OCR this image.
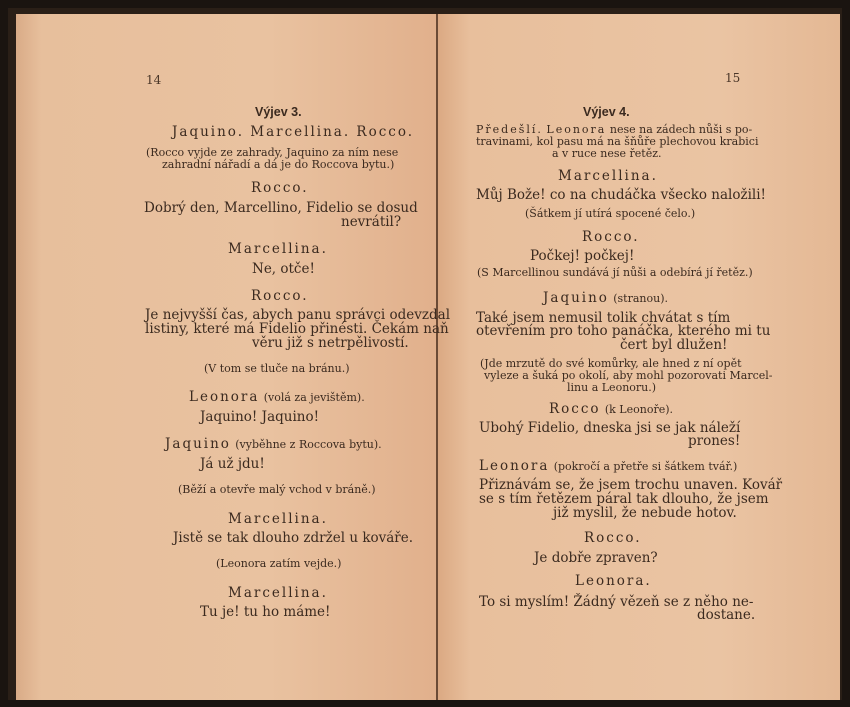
14
Výjev 3.
Jaquino. Marcellina. Rocco.
(Rocco vyjde ze zahrady, Jaquino za ním nese
zahradní nářadí a dá je do Roccova bytu.)
Rocco.
Dobrý den, Marcellino, Fidelio se dosud
nevrátil?
Marcellina.
Ne, otče!
Rocco.
Je nejvyšší čas, abych panu správci odevzdal
listiny, které má Fidelio přinésti. Čekám naň
věru již s netrpělivostí.
(V tom se tluče na bránu.)
Leonora (volá za jevištěm).
Jaquino! Jaquino!
Jaquino (vyběhne z Roccova bytu).
Já už jdu!
(Běží a otevře malý vchod v bráně.)
Marcellina.
Jistě se tak dlouho zdržel u kováře.
(Leonora zatím vejde.)
Marcellina.
Tu je! tu ho máme!
15
Výjev 4.
Předešlí. Leonora nese na zádech nůši s po-
travinami, kol pasu má na šňůře plechovou krabici
a v ruce nese řetěz.
Marcellina.
Můj Bože! co na chudáčka všecko naložili!
(Šátkem jí utírá spocené čelo.)
Rocco.
Počkej! počkej!
(S Marcellinou sundává jí nůši a odebírá jí řetěz.)
Jaquino (stranou).
Také jsem nemusil tolik chvátat s tím
otevřením pro toho panáčka, kterého mi tu
čert byl dlužen!
(Jde mrzutě do své komůrky, ale hned z ní opět
vyleze a šuká po okolí, aby mohl pozorovati Marcel-
linu a Leonoru.)
Rocco (k Leonoře).
Ubohý Fidelio, dneska jsi se jak náleží
prones!
Leonora (pokročí a přetře si šátkem tvář.)
Přiznávám se, že jsem trochu unaven. Kovář
se s tím řetězem páral tak dlouho, že jsem
již myslil, že nebude hotov.
Rocco.
Je dobře zpraven?
Leonora.
To si myslím! Žádný vězeň se z něho ne-
dostane.
